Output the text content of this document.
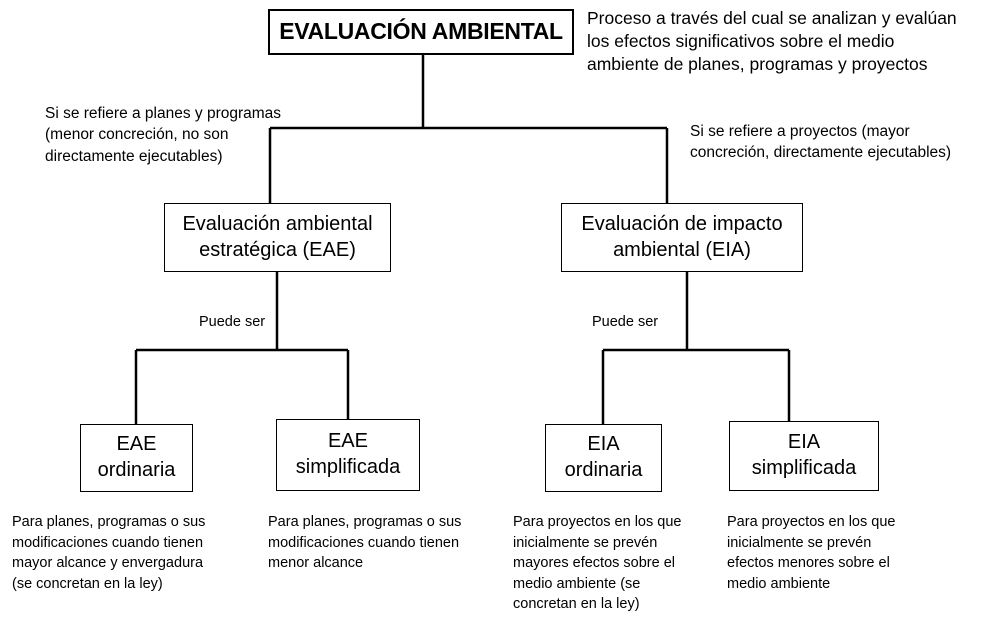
EVALUACIÓN AMBIENTAL
Proceso a través del cual se analizan y evalúan
los efectos significativos sobre el medio
ambiente de planes, programas y proyectos
Si se refiere a planes y programas
(menor concreción, no son
directamente ejecutables)
Si se refiere a proyectos (mayor
concreción, directamente ejecutables)
Evaluación ambiental
estratégica (EAE)
Evaluación de impacto
ambiental (EIA)
Puede ser	Puede ser
EAE
ordinaria
EAE
simplificada
EIA
ordinaria
EIA
simplificada
Para planes, programas o sus
modificaciones cuando tienen
mayor alcance y envergadura
(se concretan en la ley)
Para planes, programas o sus
modificaciones cuando tienen
menor alcance
Para proyectos en los que
inicialmente se prevén
mayores efectos sobre el
medio ambiente (se
concretan en la ley)
Para proyectos en los que
inicialmente se prevén
efectos menores sobre el
medio ambiente
